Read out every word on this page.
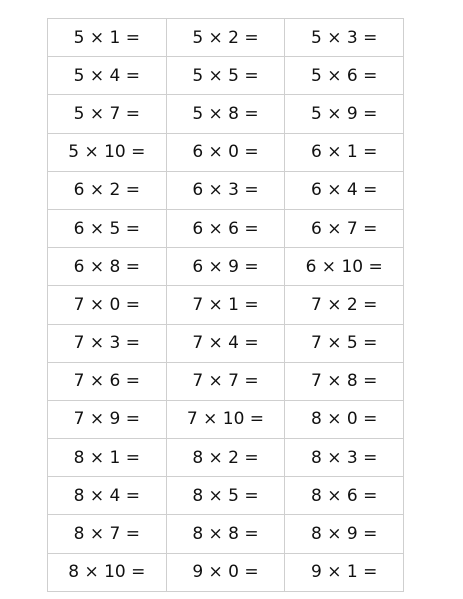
5 × 1 =	5 × 2 =	5 × 3 =
5 × 4 =	5 × 5 =	5 × 6 =
5 × 7 =	5 × 8 =	5 × 9 =
5 × 10 =	6 × 0 =	6 × 1 =
6 × 2 =	6 × 3 =	6 × 4 =
6 × 5 =	6 × 6 =	6 × 7 =
6 × 8 =	6 × 9 =	6 × 10 =
7 × 0 =	7 × 1 =	7 × 2 =
7 × 3 =	7 × 4 =	7 × 5 =
7 × 6 =	7 × 7 =	7 × 8 =
7 × 9 =	7 × 10 =	8 × 0 =
8 × 1 =	8 × 2 =	8 × 3 =
8 × 4 =	8 × 5 =	8 × 6 =
8 × 7 =	8 × 8 =	8 × 9 =
8 × 10 =	9 × 0 =	9 × 1 =
